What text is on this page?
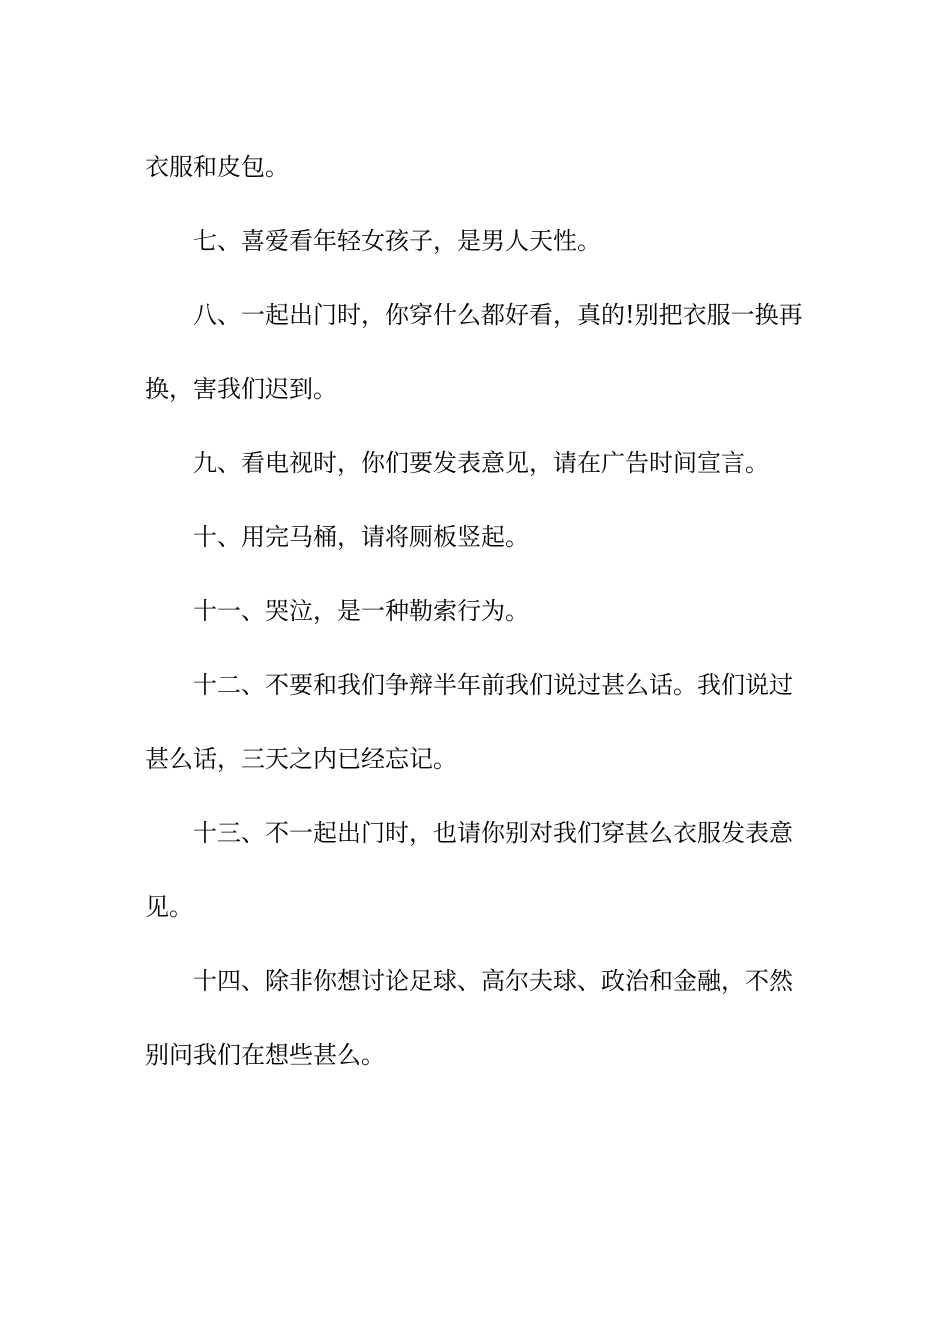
衣服和皮包。

七、喜爱看年轻女孩子，是男人天性。

八、一起出门时，你穿什么都好看，真的!别把衣服一换再换，害我们迟到。

九、看电视时，你们要发表意见，请在广告时间宣言。

十、用完马桶，请将厕板竖起。

十一、哭泣，是一种勒索行为。

十二、不要和我们争辩半年前我们说过甚么话。我们说过甚么话，三天之内已经忘记。

十三、不一起出门时，也请你别对我们穿甚么衣服发表意见。

十四、除非你想讨论足球、高尔夫球、政治和金融，不然别问我们在想些甚么。
